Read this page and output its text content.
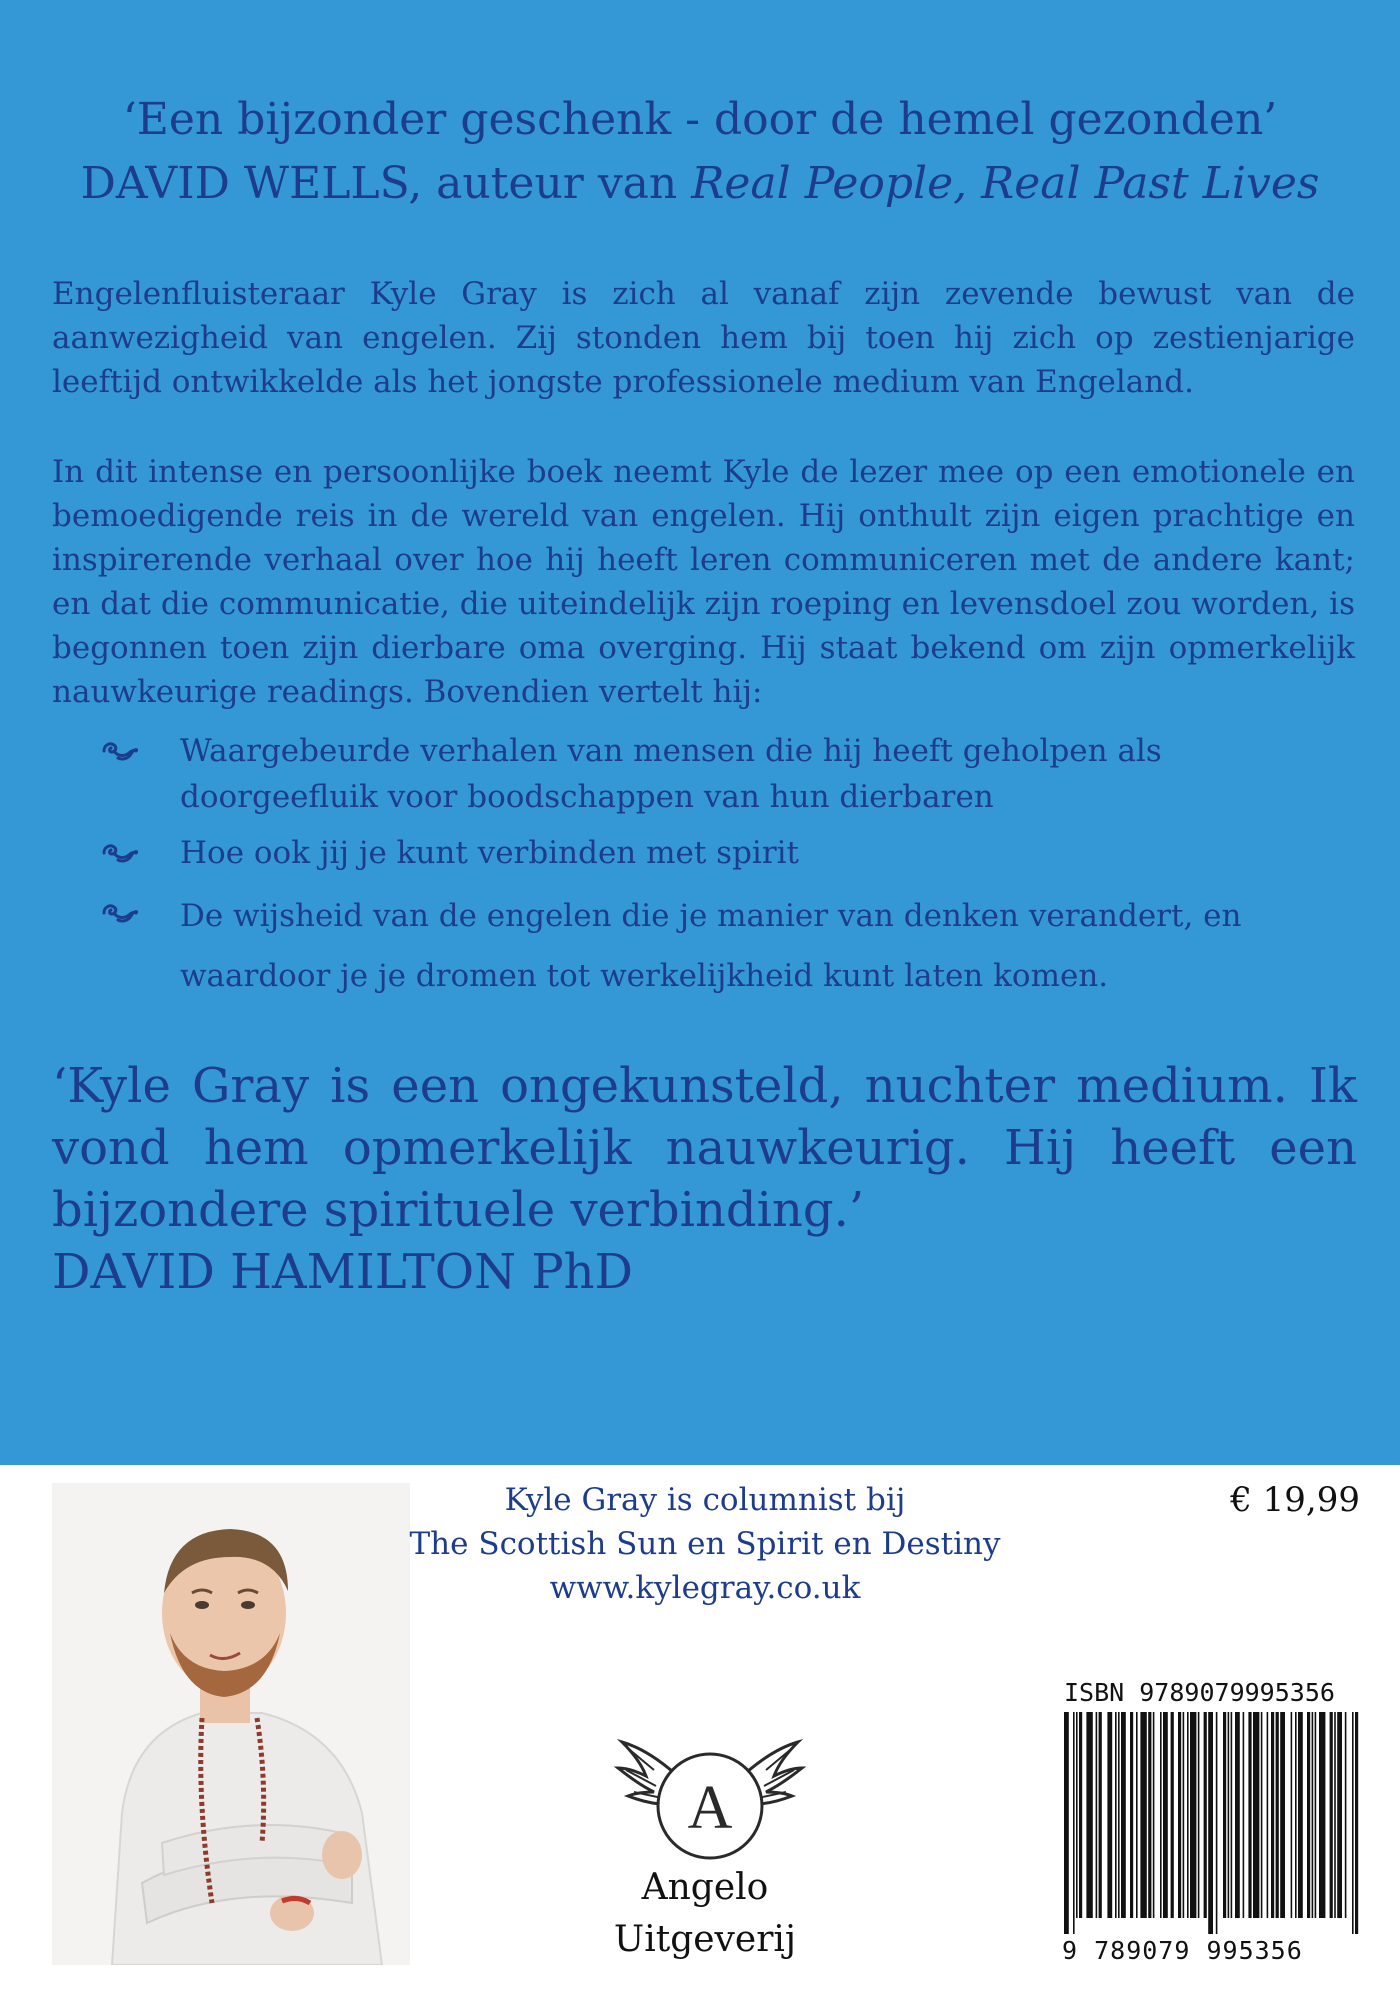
‘Een bijzonder geschenk - door de hemel gezonden’
DAVID WELLS, auteur van Real People, Real Past Lives
Engelenfluisteraar Kyle Gray is zich al vanaf zijn zevende bewust van de aanwezigheid van engelen. Zij stonden hem bij toen hij zich op zestienjarige leeftijd ontwikkelde als het jongste professionele medium van Engeland.
In dit intense en persoonlijke boek neemt Kyle de lezer mee op een emotionele en bemoedigende reis in de wereld van engelen. Hij onthult zijn eigen prachtige en inspirerende verhaal over hoe hij heeft leren communiceren met de andere kant; en dat die communicatie, die uiteindelijk zijn roeping en levensdoel zou worden, is begonnen toen zijn dierbare oma overging. Hij staat bekend om zijn opmerkelijk nauwkeurige readings. Bovendien vertelt hij:
Waargebeurde verhalen van mensen die hij heeft geholpen als doorgeefluik voor boodschappen van hun dierbaren
Hoe ook jij je kunt verbinden met spirit
De wijsheid van de engelen die je manier van denken verandert, en waardoor je je dromen tot werkelijkheid kunt laten komen.
‘Kyle Gray is een ongekunsteld, nuchter medium. Ik vond hem opmerkelijk nauwkeurig. Hij heeft een bijzondere spirituele verbinding.’
DAVID HAMILTON PhD
Kyle Gray is columnist bij
The Scottish Sun en Spirit en Destiny
www.kylegray.co.uk
€ 19,99
A
Angelo
Uitgeverij
ISBN 9789079995356
9 789079 995356
